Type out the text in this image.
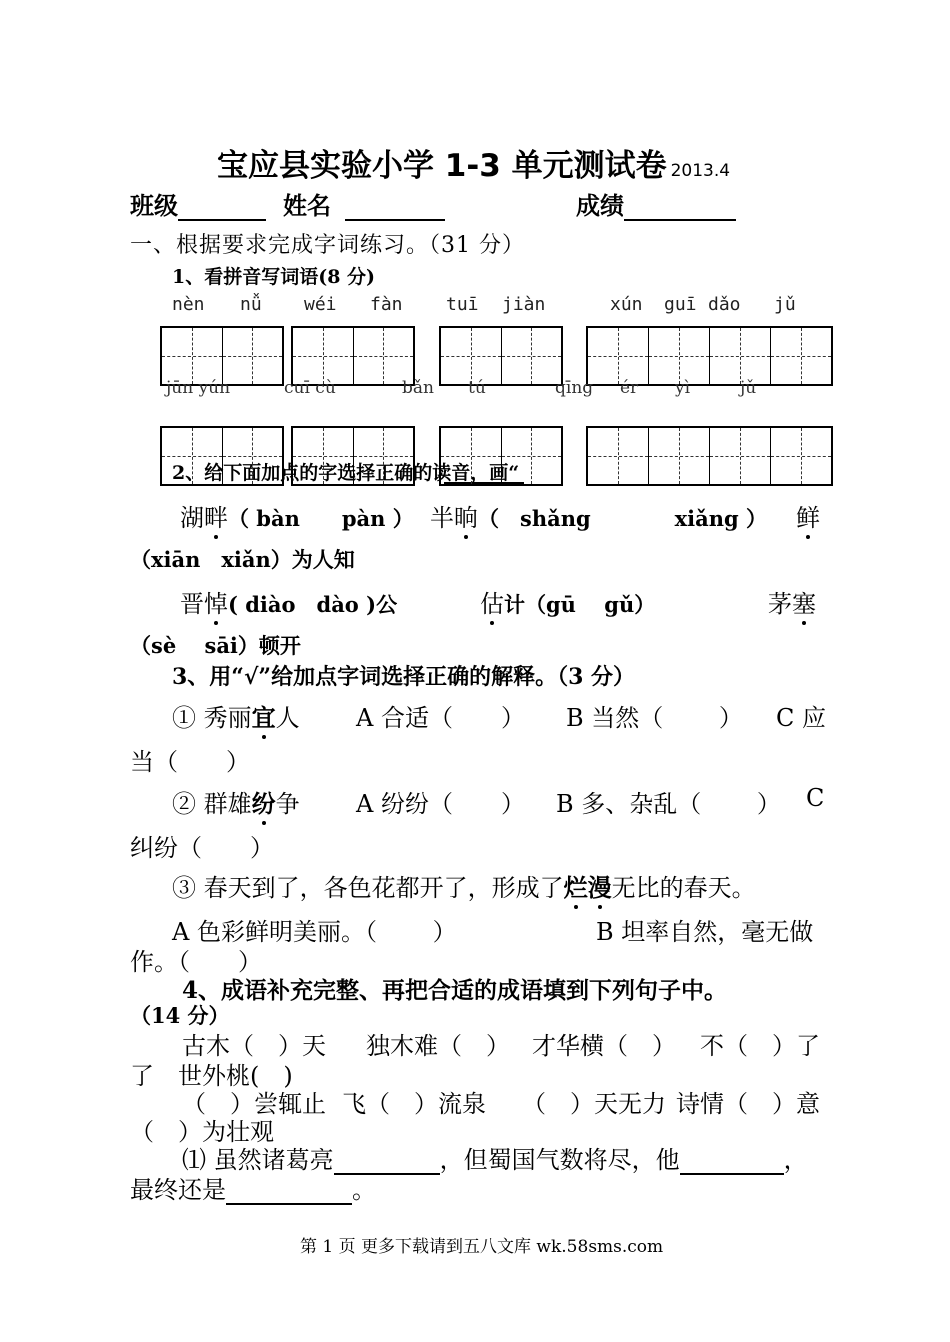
宝应县实验小学 1-3 单元测试卷 2013.4
班级	姓名	成绩
一、根据要求完成字词练习。（31 分）
1、看拼音写词语(8 分)
nèn nǚ wéi fàn tuī jiàn	xún guī dǎo jǔ
jūn yún	cuī cù	bǎn tú	qīng ér yì	jǔ
2、给下面加点的字选择正确的读音，画“
湖畔（ bàn　　pàn ） 半晌（　shǎng　　　　xiǎng ） 鲜
（xiān　xiǎn）为人知
晋悼( diào　dào )公	估计（gū　 gǔ）	茅塞
（sè　 sāi）顿开
3、用“√”给加点字词选择正确的解释。（3 分）
① 秀丽宜人 A 合适（　　） B 当然（　　 ） C 应
当（　　）
② 群雄纷争 A 纷纷（　　） B 多、杂乱（　　 ） C
纠纷（　　）
③ 春天到了，各色花都开了，形成了烂漫无比的春天。
A 色彩鲜明美丽。（　　 ）	B 坦率自然，毫无做
作。（　　）
4、成语补充完整、再把合适的成语填到下列句子中。
（14 分）
古木（　）天 独木难（　） 才华横（　） 不（　）了
了　世外桃(　)
（　）尝辄止 飞（　）流泉 （　）天无力 诗情（　）意
（　）为壮观
⑴ 虽然诸葛亮	，但蜀国气数将尽，他	，
最终还是	。
第 1 页 更多下载请到五八文库 wk.58sms.com
